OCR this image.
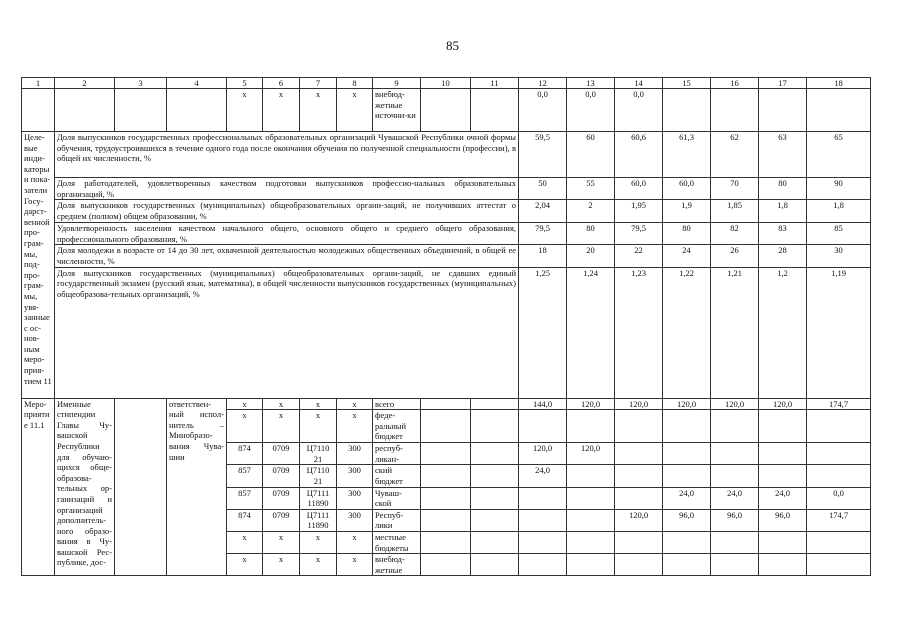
85
1	2	3	4	5	6	7	8	9	10	11	12	13	14	15	16	17	18
				x	x	x	x	внебюд-жетные источни-ки			0,0	0,0	0,0				
Целе-вые инди-каторы и пока-затели Госу-дарст-венной про-грам-мы, под-про-грам-мы, увя-занные с ос-нов-ным меро-прия-тием 11	Доля выпускников государственных профессиональных образовательных организаций Чувашской Республики очной формы обучения, трудоустроившихся в течение одного года после окончания обучения по полученной специальности (профессии), в общей их численности, %										59,5	60	60,6	61,3	62	63	65
	Доля работодателей, удовлетворенных качеством подготовки выпускников профессио-нальных образовательных организаций, %										50	55	60,0	60,0	70	80	90
	Доля выпускников государственных (муниципальных) общеобразовательных органи-заций, не получивших аттестат о среднем (полном) общем образовании, %										2,04	2	1,95	1,9	1,85	1,8	1,8
	Удовлетворенность населения качеством начального общего, основного общего и среднего общего образования, профессионального образования, %										79,5	80	79,5	80	82	83	85
	Доля молодежи в возрасте от 14 до 30 лет, охваченной деятельностью молодежных общественных объединений, в общей ее численности, %										18	20	22	24	26	28	30
	Доля выпускников государственных (муниципальных) общеобразовательных органи-заций, не сдавших единый государственный экзамен (русский язык, математика), в общей численности выпускников государственных (муниципальных) общеобразова-тельных организаций, %										1,25	1,24	1,23	1,22	1,21	1,2	1,19
Меро-приятие 11.1	Именные стипендии Главы Чу-вашской Республики для обучаю-щихся обще-образова-тельных ор-ганизаций и организаций дополнитель-ного образо-вания в Чу-вашской Рес-публике, дос-		ответствен-ный испол-нитель – Минобразо-вания Чува-шии	x	x	x	x	всего			144,0	120,0	120,0	120,0	120,0	120,0	174,7
				x	x	x	x	феде-ральный бюджет									
				874	0709	Ц7110 21	300	респуб-ликан-			120,0	120,0					
				857	0709	Ц7110 21	300	ский бюджет			24,0						
				857	0709	Ц7111 11890	300	Чуваш-ской						24,0	24,0	24,0	0,0
				874	0709	Ц7111 11890	300	Респуб-лики					120,0	96,0	96,0	96,0	174,7
				x	x	x	x	местные бюджеты									
				x	x	x	x	внебюд-жетные									
